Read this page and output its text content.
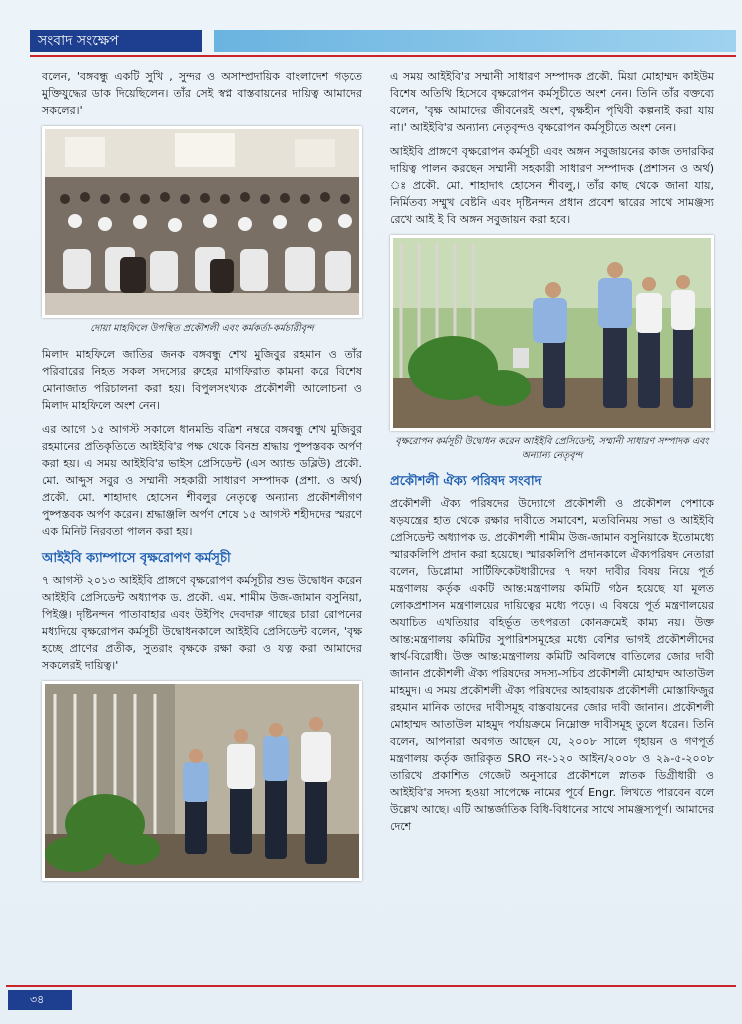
সংবাদ সংক্ষেপ

বলেন, 'বঙ্গবন্ধু একটি সুখি , সুন্দর ও অসাম্প্রদায়িক বাংলাদেশ গড়তে মুক্তিযুদ্ধের ডাক দিয়েছিলেন। তাঁর সেই স্বপ্ন বাস্তবায়নের দায়িত্ব আমাদের সকলের।'

দোয়া মাহফিলে উপস্থিত প্রকৌশলী এবং কর্মকর্তা-কর্মচারীবৃন্দ

মিলাদ মাহফিলে জাতির জনক বঙ্গবন্ধু শেখ মুজিবুর রহমান ও তাঁর পরিবারের নিহত সকল সদস্যের রুহের মাগফিরাত কামনা করে বিশেষ মোনাজাত পরিচালনা করা হয়। বিপুলসংখ্যক প্রকৌশলী আলোচনা ও মিলাদ মাহফিলে অংশ নেন।

এর আগে ১৫ আগস্ট সকালে ধানমন্ডি বত্রিশ নম্বরে বঙ্গবন্ধু শেখ মুজিবুর রহমানের প্রতিকৃতিতে আইইবি'র পক্ষ থেকে বিনম্র শ্রদ্ধায় পুষ্পস্তবক অর্পণ করা হয়। এ সময় আইইবি'র ভাইস প্রেসিডেন্ট (এস অ্যান্ড ডব্লিউ) প্রকৌ. মো. আব্দুস সবুর ও সম্মানী সহকারী সাধারণ সম্পাদক (প্রশা. ও অর্থ) প্রকৌ. মো. শাহাদাৎ হোসেন শীবলুর নেতৃত্বে অন্যান্য প্রকৌশলীগণ পুষ্পস্তবক অর্পণ করেন। শ্রদ্ধাঞ্জলি অর্পণ শেষে ১৫ আগস্ট শহীদদের স্মরণে এক মিনিট নিরবতা পালন করা হয়।

আইইবি ক্যাম্পাসে বৃক্ষরোপণ কর্মসূচী

৭ আগস্ট ২০১৩ আইইবি প্রাঙ্গণে বৃক্ষরোপণ কর্মসূচীর শুভ উদ্বোধন করেন আইইবি প্রেসিডেন্ট অধ্যাপক ড. প্রকৌ. এম. শামীম উজ-জামান বসুনিয়া, পিইঞ্জ। দৃষ্টিনন্দন পাতাবাহার এবং উইপিং দেবদারু গাছের চারা রোপনের মধ্যদিয়ে বৃক্ষরোপন কর্মসূচী উদ্বোধনকালে আইইবি প্রেসিডেন্ট বলেন, 'বৃক্ষ হচ্ছে প্রাণের প্রতীক, সুতরাং বৃক্ষকে রক্ষা করা ও যত্ন করা আমাদের সকলেরই দায়িত্ব।'

এ সময় আইইবি'র সম্মানী সাধারণ সম্পাদক প্রকৌ. মিয়া মোহাম্মদ কাইউম বিশেষ অতিথি হিসেবে বৃক্ষরোপন কর্মসূচীতে অংশ নেন। তিনি তাঁর বক্তব্যে বলেন, 'বৃক্ষ আমাদের জীবনেরই অংশ, বৃক্ষহীন পৃথিবী কল্পনাই করা যায় না।' আইইবি'র অন্যান্য নেতৃবৃন্দও বৃক্ষরোপন কর্মসূচীতে অংশ নেন।

আইইবি প্রাঙ্গণে বৃক্ষরোপন কর্মসূচী এবং অঙ্গন সবুজায়নের কাজ তদারকির দায়িত্ব পালন করছেন সম্মানী সহকারী সাধারণ সম্পাদক (প্রশাসন ও অর্থ) ঃ প্রকৌ. মো. শাহাদাৎ হোসেন শীবলু,। তাঁর কাছ থেকে জানা যায়, নির্মিতব্য সম্মুখ বেষ্টনি এবং দৃষ্টিনন্দন প্রধান প্রবেশ দ্বারের সাথে সামঞ্জস্য রেখে আই ই বি অঙ্গন সবুজায়ন করা হবে।

বৃক্ষরোপন কর্মসূচী উদ্বোধন করেন আইইবি প্রেসিডেন্ট, সম্মানী সাধারণ সম্পাদক এবং অন্যান্য নেতৃবৃন্দ
প্রকৌশলী ঐক্য পরিষদ সংবাদ

প্রকৌশলী ঐক্য পরিষদের উদ্যোগে প্রকৌশলী ও প্রকৌশল পেশাকে ষড়যন্ত্রের হাত থেকে রক্ষার দাবীতে সমাবেশ, মতবিনিময় সভা ও আইইবি প্রেসিডেন্ট অধ্যাপক ড. প্রকৌশলী শামীম উজ-জামান বসুনিয়াকে ইতোমধ্যে স্মারকলিপি প্রদান করা হয়েছে। স্মারকলিপি প্রদানকালে ঐক্যপরিষদ নেতারা বলেন, ডিপ্লোমা সার্টিফিকেটধারীদের ৭ দফা দাবীর বিষয় নিয়ে পূর্ত মন্ত্রণালয় কর্তৃক একটি আন্ত:মন্ত্রণালয় কমিটি গঠন হয়েছে যা মূলত লোকপ্রশাসন মন্ত্রণালয়ের দায়িত্বের মধ্যে পড়ে। এ বিষয়ে পূর্ত মন্ত্রণালয়ের অযাচিত এখতিয়ার বহির্ভূত তৎপরতা কোনক্রমেই কাম্য নয়। উক্ত আন্ত:মন্ত্রণালয় কমিটির সুপারিশসমূহের মধ্যে বেশির ভাগই প্রকৌশলীদের স্বার্থ-বিরোধী। উক্ত আন্ত:মন্ত্রণালয় কমিটি অবিলম্বে বাতিলের জোর দাবী জানান প্রকৌশলী ঐক্য পরিষদের সদস্য-সচিব প্রকৌশলী মোহাম্মদ আতাউল মাহমুদ। এ সময় প্রকৌশলী ঐক্য পরিষদের আহবায়ক প্রকৌশলী মোস্তাফিজুর রহমান মানিক তাদের দাবীসমূহ বাস্তবায়নের জোর দাবী জানান। প্রকৌশলী মোহাম্মদ আতাউল মাহমুদ পর্যায়ক্রমে নিম্নোক্ত দাবীসমূহ তুলে ধরেন। তিনি বলেন, আপনারা অবগত আছেন যে, ২০০৮ সালে গৃহায়ন ও গণপূর্ত মন্ত্রণালয় কর্তৃক জারিকৃত SRO নং-১২০ আইন/২০০৮ ও ২৯-৫-২০০৮ তারিখে প্রকাশিত গেজেট অনুসারে প্রকৌশলে স্নাতক ডিগ্রীধারী ও আইইবি'র সদস্য হওয়া সাপেক্ষে নামের পূর্বে Engr. লিখতে পারবেন বলে উল্লেখ আছে। এটি আন্তর্জাতিক বিধি-বিধানের সাথে সামঞ্জস্যপূর্ণ। আমাদের দেশে

৩৪
